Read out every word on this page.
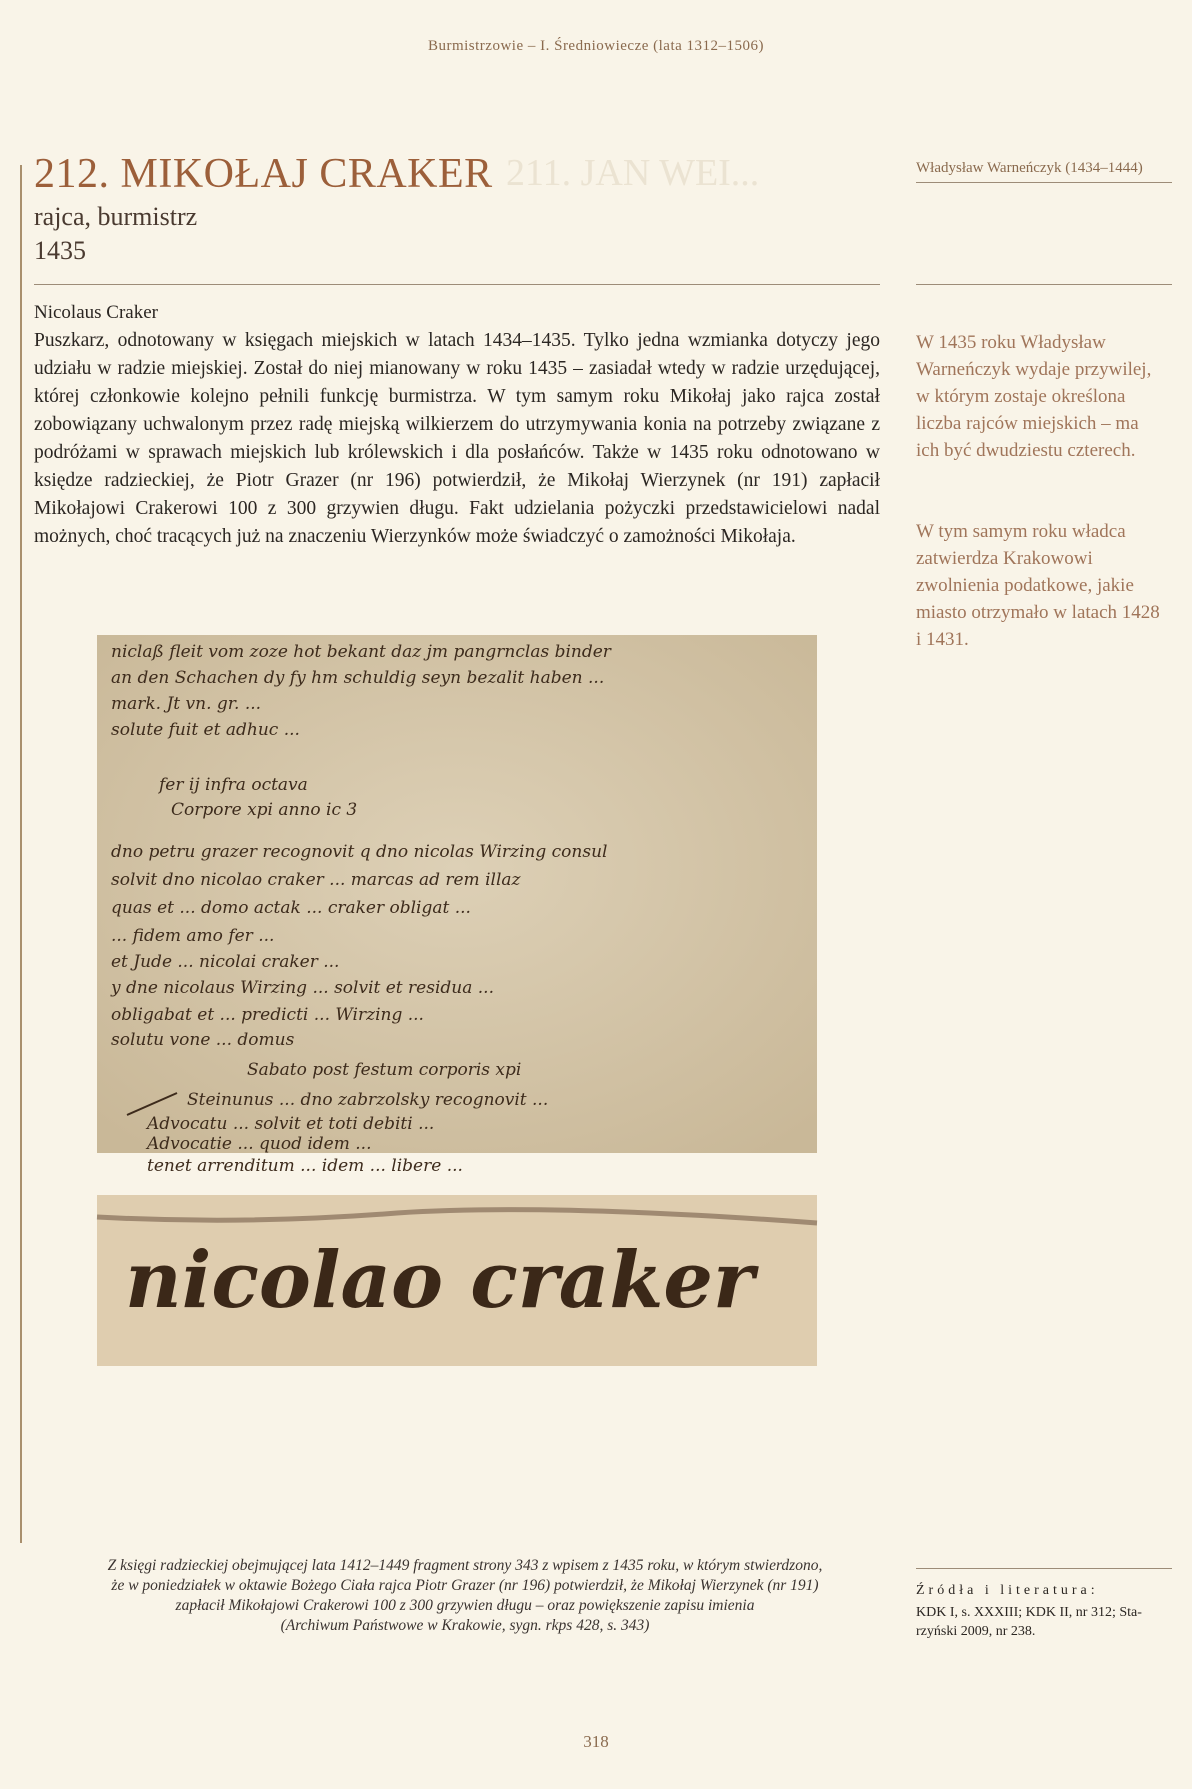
Burmistrzowie – I. Średniowiecze (lata 1312–1506)
211. JAN WEI...
212. MIKOŁAJ CRAKER
rajca, burmistrz
1435
Nicolaus Craker

Puszkarz, odnotowany w księgach miejskich w latach 1434–1435. Tylko jedna wzmianka dotyczy jego udziału w radzie miejskiej. Został do niej mianowany w roku 1435 – zasiadał wtedy w radzie urzędującej, której członkowie kolejno pełnili funkcję burmistrza. W tym samym roku Mikołaj jako rajca został zobowiązany uchwalonym przez radę miejską wilkierzem do utrzymywania konia na potrzeby związane z podróżami w sprawach miejskich lub królewskich i dla posłańców. Także w 1435 roku odnotowano w księdze radzieckiej, że Piotr Grazer (nr 196) potwierdził, że Mikołaj Wierzynek (nr 191) zapłacił Mikołajowi Crakerowi 100 z 300 grzywien długu. Fakt udzielania pożyczki przedstawicielowi nadal możnych, choć tracących już na znaczeniu Wierzynków może świadczyć o zamożności Mikołaja.

Władysław Warneńczyk (1434–1444)

W 1435 roku Władysław Warneńczyk wydaje przywilej, w którym zostaje określona liczba rajców miejskich – ma ich być dwudziestu czterech.

W tym samym roku władca zatwierdza Krakowowi zwolnienia podatkowe, jakie miasto otrzymało w latach 1428 i 1431.

niclaß fleit vom zoze hot bekant daz jm pangrnclas binder
an den Schachen dy fy hm schuldig seyn bezalit haben ...
mark. Jt vn. gr. ...
solute fuit et adhuc ...
fer ij infra octava
Corpore xpi anno ic 3
dno petru grazer recognovit q dno nicolas Wirzing consul
solvit dno nicolao craker ... marcas ad rem illaz
quas et ... domo actak ... craker obligat ...
... fidem amo fer ...
et Jude ... nicolai craker ...
y dne nicolaus Wirzing ... solvit et residua ...
obligabat et ... predicti ... Wirzing ...
solutu vone ... domus
Sabato post festum corporis xpi
Steinunus ... dno zabrzolsky recognovit ...
Advocatu ... solvit et toti debiti ...
Advocatie ... quod idem ...
tenet arrenditum ... idem ... libere ...
nicolao craker
Z księgi radzieckiej obejmującej lata 1412–1449 fragment strony 343 z wpisem z 1435 roku, w którym stwierdzono,
że w poniedziałek w oktawie Bożego Ciała rajca Piotr Grazer (nr 196) potwierdził, że Mikołaj Wierzynek (nr 191)
zapłacił Mikołajowi Crakerowi 100 z 300 grzywien długu – oraz powiększenie zapisu imienia
(Archiwum Państwowe w Krakowie, sygn. rkps 428, s. 343)
Źródła i literatura:
KDK I, s. XXXIII; KDK II, nr 312; Sta-
rzyński 2009, nr 238.
318
